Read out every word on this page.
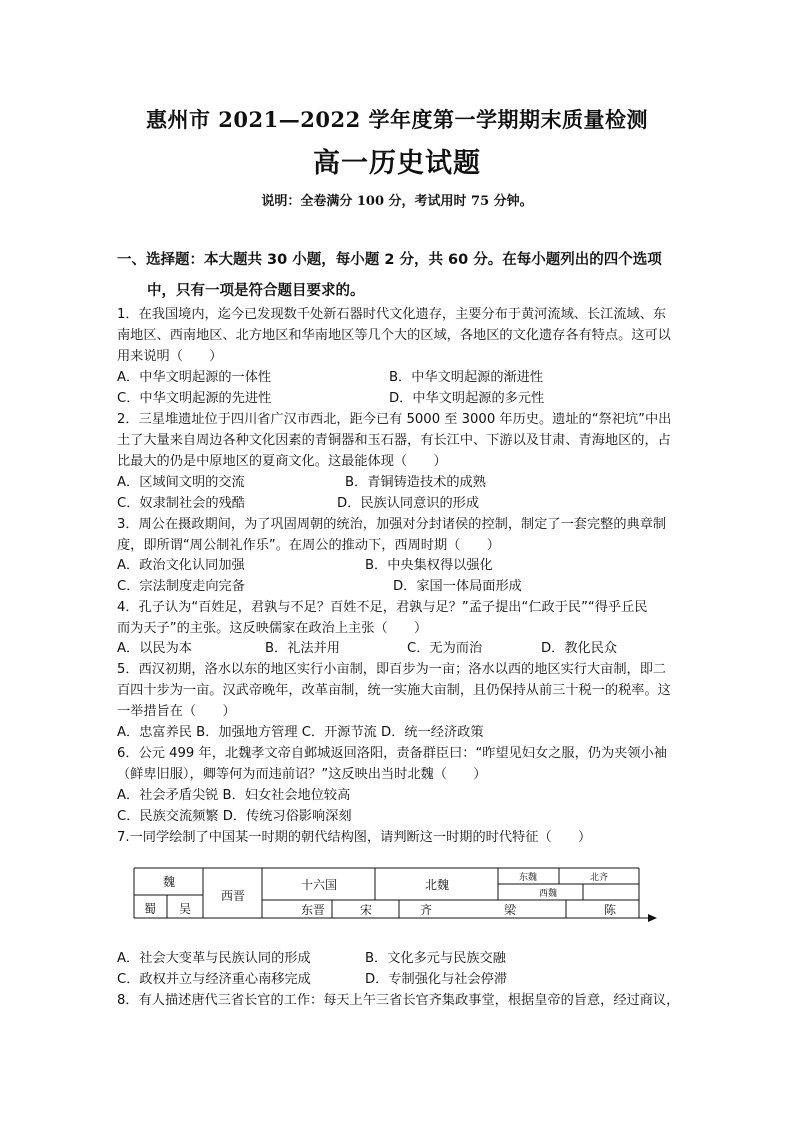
惠州市 2021—2022 学年度第一学期期末质量检测
高一历史试题
说明：全卷满分 100 分，考试用时 75 分钟。
一、选择题：本大题共 30 小题，每小题 2 分，共 60 分。在每小题列出的四个选项
中，只有一项是符合题目要求的。
1．在我国境内，迄今已发现数千处新石器时代文化遗存，主要分布于黄河流域、长江流域、东
南地区、西南地区、北方地区和华南地区等几个大的区域，各地区的文化遗存各有特点。这可以
用来说明（　　）
A．中华文明起源的一体性	B．中华文明起源的渐进性
C．中华文明起源的先进性	D．中华文明起源的多元性
2．三星堆遗址位于四川省广汉市西北，距今已有 5000 至 3000 年历史。遗址的“祭祀坑”中出
土了大量来自周边各种文化因素的青铜器和玉石器，有长江中、下游以及甘肃、青海地区的，占
比最大的仍是中原地区的夏商文化。这最能体现（　　）
A．区域间文明的交流	B．青铜铸造技术的成熟
C．奴隶制社会的残酷	D．民族认同意识的形成
3．周公在摄政期间，为了巩固周朝的统治，加强对分封诸侯的控制，制定了一套完整的典章制
度，即所谓“周公制礼作乐”。在周公的推动下，西周时期（　　）
A．政治文化认同加强	B．中央集权得以强化
C．宗法制度走向完备	D．家国一体局面形成
4．孔子认为“百姓足，君孰与不足？百姓不足，君孰与足？”孟子提出“仁政于民”“得乎丘民
而为天子”的主张。这反映儒家在政治上主张（　　）
A．以民为本	B．礼法并用	C．无为而治	D．教化民众
5．西汉初期，洛水以东的地区实行小亩制，即百步为一亩；洛水以西的地区实行大亩制，即二
百四十步为一亩。汉武帝晚年，改革亩制，统一实施大亩制，且仍保持从前三十税一的税率。这
一举措旨在（　　）
A．忠富养民 B．加强地方管理 C．开源节流 D．统一经济政策
6．公元 499 年，北魏孝文帝自邺城返回洛阳，责备群臣曰：“昨望见妇女之服，仍为夹领小袖
（鲜卑旧服），卿等何为而违前诏？”这反映出当时北魏（　　）
A．社会矛盾尖锐 B．妇女社会地位较高
C．民族交流频繁 D．传统习俗影响深刻
7.一同学绘制了中国某一时期的朝代结构图，请判断这一时期的时代特征（　　）
魏
蜀 吴
西晋
十六国	北魏	东魏	北齐
西魏
东晋	宋	齐	梁	陈
A．社会大变革与民族认同的形成	B．文化多元与民族交融
C．政权并立与经济重心南移完成	D．专制强化与社会停滞
8．有人描述唐代三省长官的工作：每天上午三省长官齐集政事堂，根据皇帝的旨意，经过商议，
